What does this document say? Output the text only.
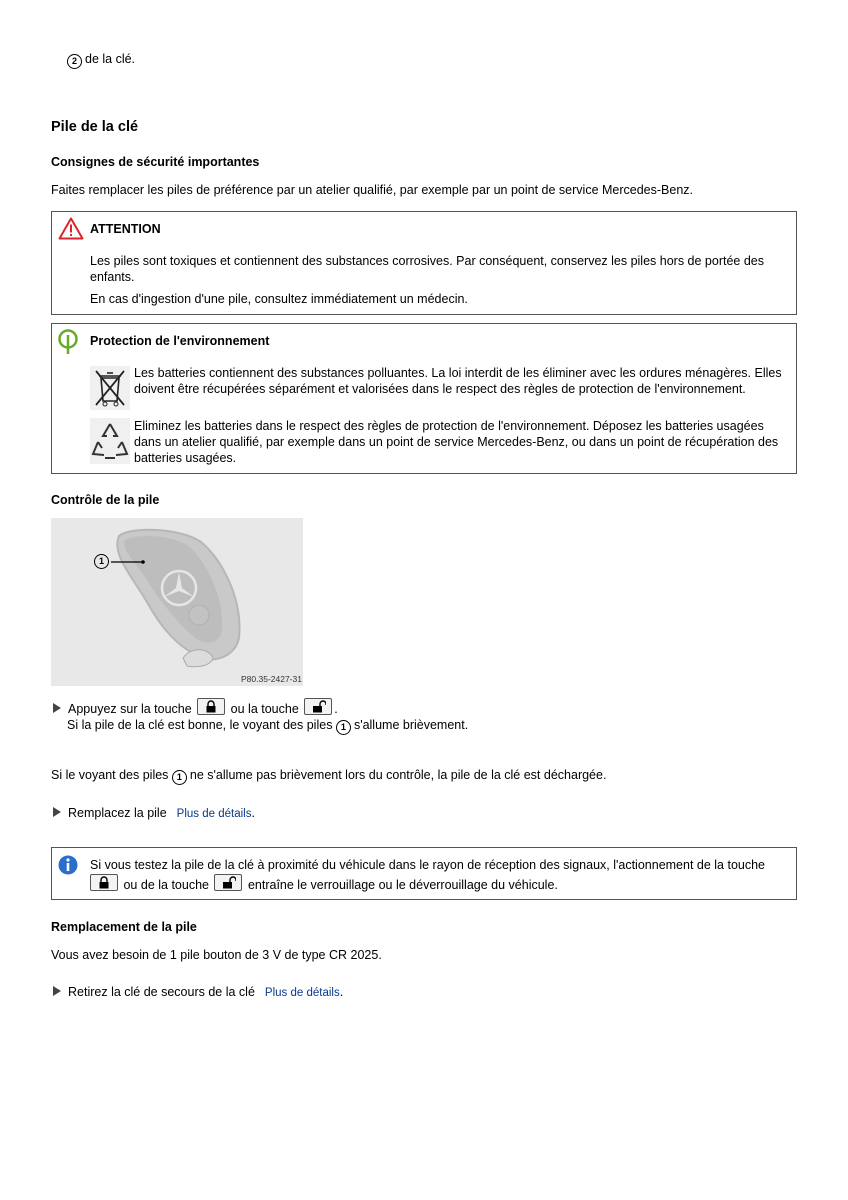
2 de la clé.
Pile de la clé
Consignes de sécurité importantes
Faites remplacer les piles de préférence par un atelier qualifié, par exemple par un point de service Mercedes-Benz.
ATTENTION

Les piles sont toxiques et contiennent des substances corrosives. Par conséquent, conservez les piles hors de portée des enfants.

En cas d'ingestion d'une pile, consultez immédiatement un médecin.

Protection de l'environnement

Les batteries contiennent des substances polluantes. La loi interdit de les éliminer avec les ordures ménagères. Elles doivent être récupérées séparément et valorisées dans le respect des règles de protection de l'environnement.

Eliminez les batteries dans le respect des règles de protection de l'environnement. Déposez les batteries usagées dans un atelier qualifié, par exemple dans un point de service Mercedes-Benz, ou dans un point de récupération des batteries usagées.

Contrôle de la pile
1
P80.35-2427-31
Appuyez sur la touche	ou la touche	.
Si la pile de la clé est bonne, le voyant des piles 1 s'allume brièvement.
Si le voyant des piles 1 ne s'allume pas brièvement lors du contrôle, la pile de la clé est déchargée.
Remplacez la pile Plus de détails.

Si vous testez la pile de la clé à proximité du véhicule dans le rayon de réception des signaux, l'actionnement de la touche

ou de la touche	entraîne le verrouillage ou le déverrouillage du véhicule.
Remplacement de la pile
Vous avez besoin de 1 pile bouton de 3 V de type CR 2025.
Retirez la clé de secours de la clé Plus de détails.
